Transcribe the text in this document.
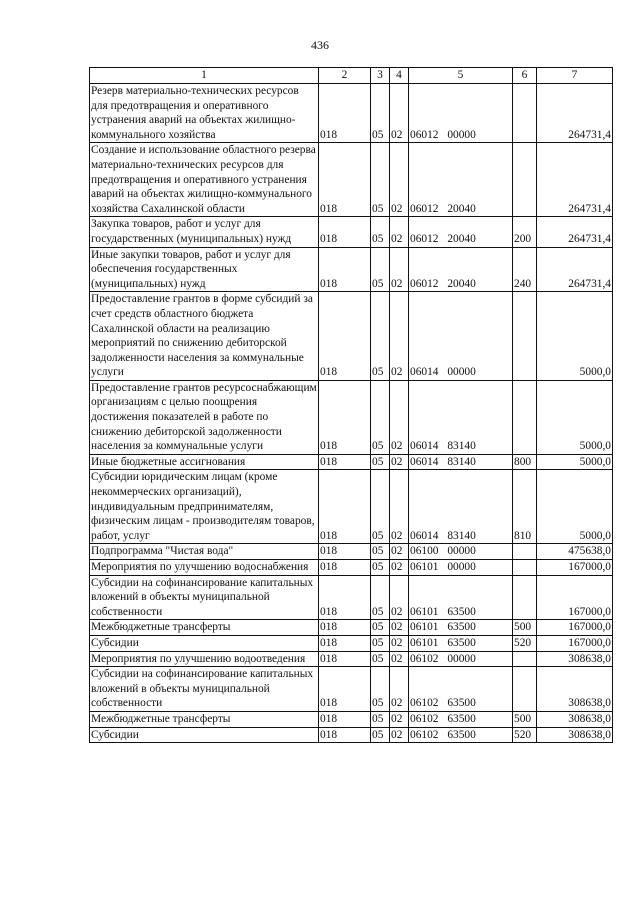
436
1	2	3	4	5	6	7
Резерв материально-технических ресурсов для предотвращения и оперативного устранения аварий на объектах жилищно-коммунального хозяйства	018	05	02	06012 00000		264731,4
Создание и использование областного резерва материально-технических ресурсов для предотвращения и оперативного устранения аварий на объектах жилищно-коммунального хозяйства Сахалинской области	018	05	02	06012 20040		264731,4
Закупка товаров, работ и услуг для государственных (муниципальных) нужд	018	05	02	06012 20040	200	264731,4
Иные закупки товаров, работ и услуг для обеспечения государственных (муниципальных) нужд	018	05	02	06012 20040	240	264731,4
Предоставление грантов в форме субсидий за счет средств областного бюджета Сахалинской области на реализацию мероприятий по снижению дебиторской задолженности населения за коммунальные услуги	018	05	02	06014 00000		5000,0
Предоставление грантов ресурсоснабжающим организациям с целью поощрения достижения показателей в работе по снижению дебиторской задолженности населения за коммунальные услуги	018	05	02	06014 83140		5000,0
Иные бюджетные ассигнования	018	05	02	06014 83140	800	5000,0
Субсидии юридическим лицам (кроме некоммерческих организаций), индивидуальным предпринимателям, физическим лицам - производителям товаров, работ, услуг	018	05	02	06014 83140	810	5000,0
Подпрограмма "Чистая вода"	018	05	02	06100 00000		475638,0
Мероприятия по улучшению водоснабжения	018	05	02	06101 00000		167000,0
Субсидии на софинансирование капитальных вложений в объекты муниципальной собственности	018	05	02	06101 63500		167000,0
Межбюджетные трансферты	018	05	02	06101 63500	500	167000,0
Субсидии	018	05	02	06101 63500	520	167000,0
Мероприятия по улучшению водоотведения	018	05	02	06102 00000		308638,0
Субсидии на софинансирование капитальных вложений в объекты муниципальной собственности	018	05	02	06102 63500		308638,0
Межбюджетные трансферты	018	05	02	06102 63500	500	308638,0
Субсидии	018	05	02	06102 63500	520	308638,0
